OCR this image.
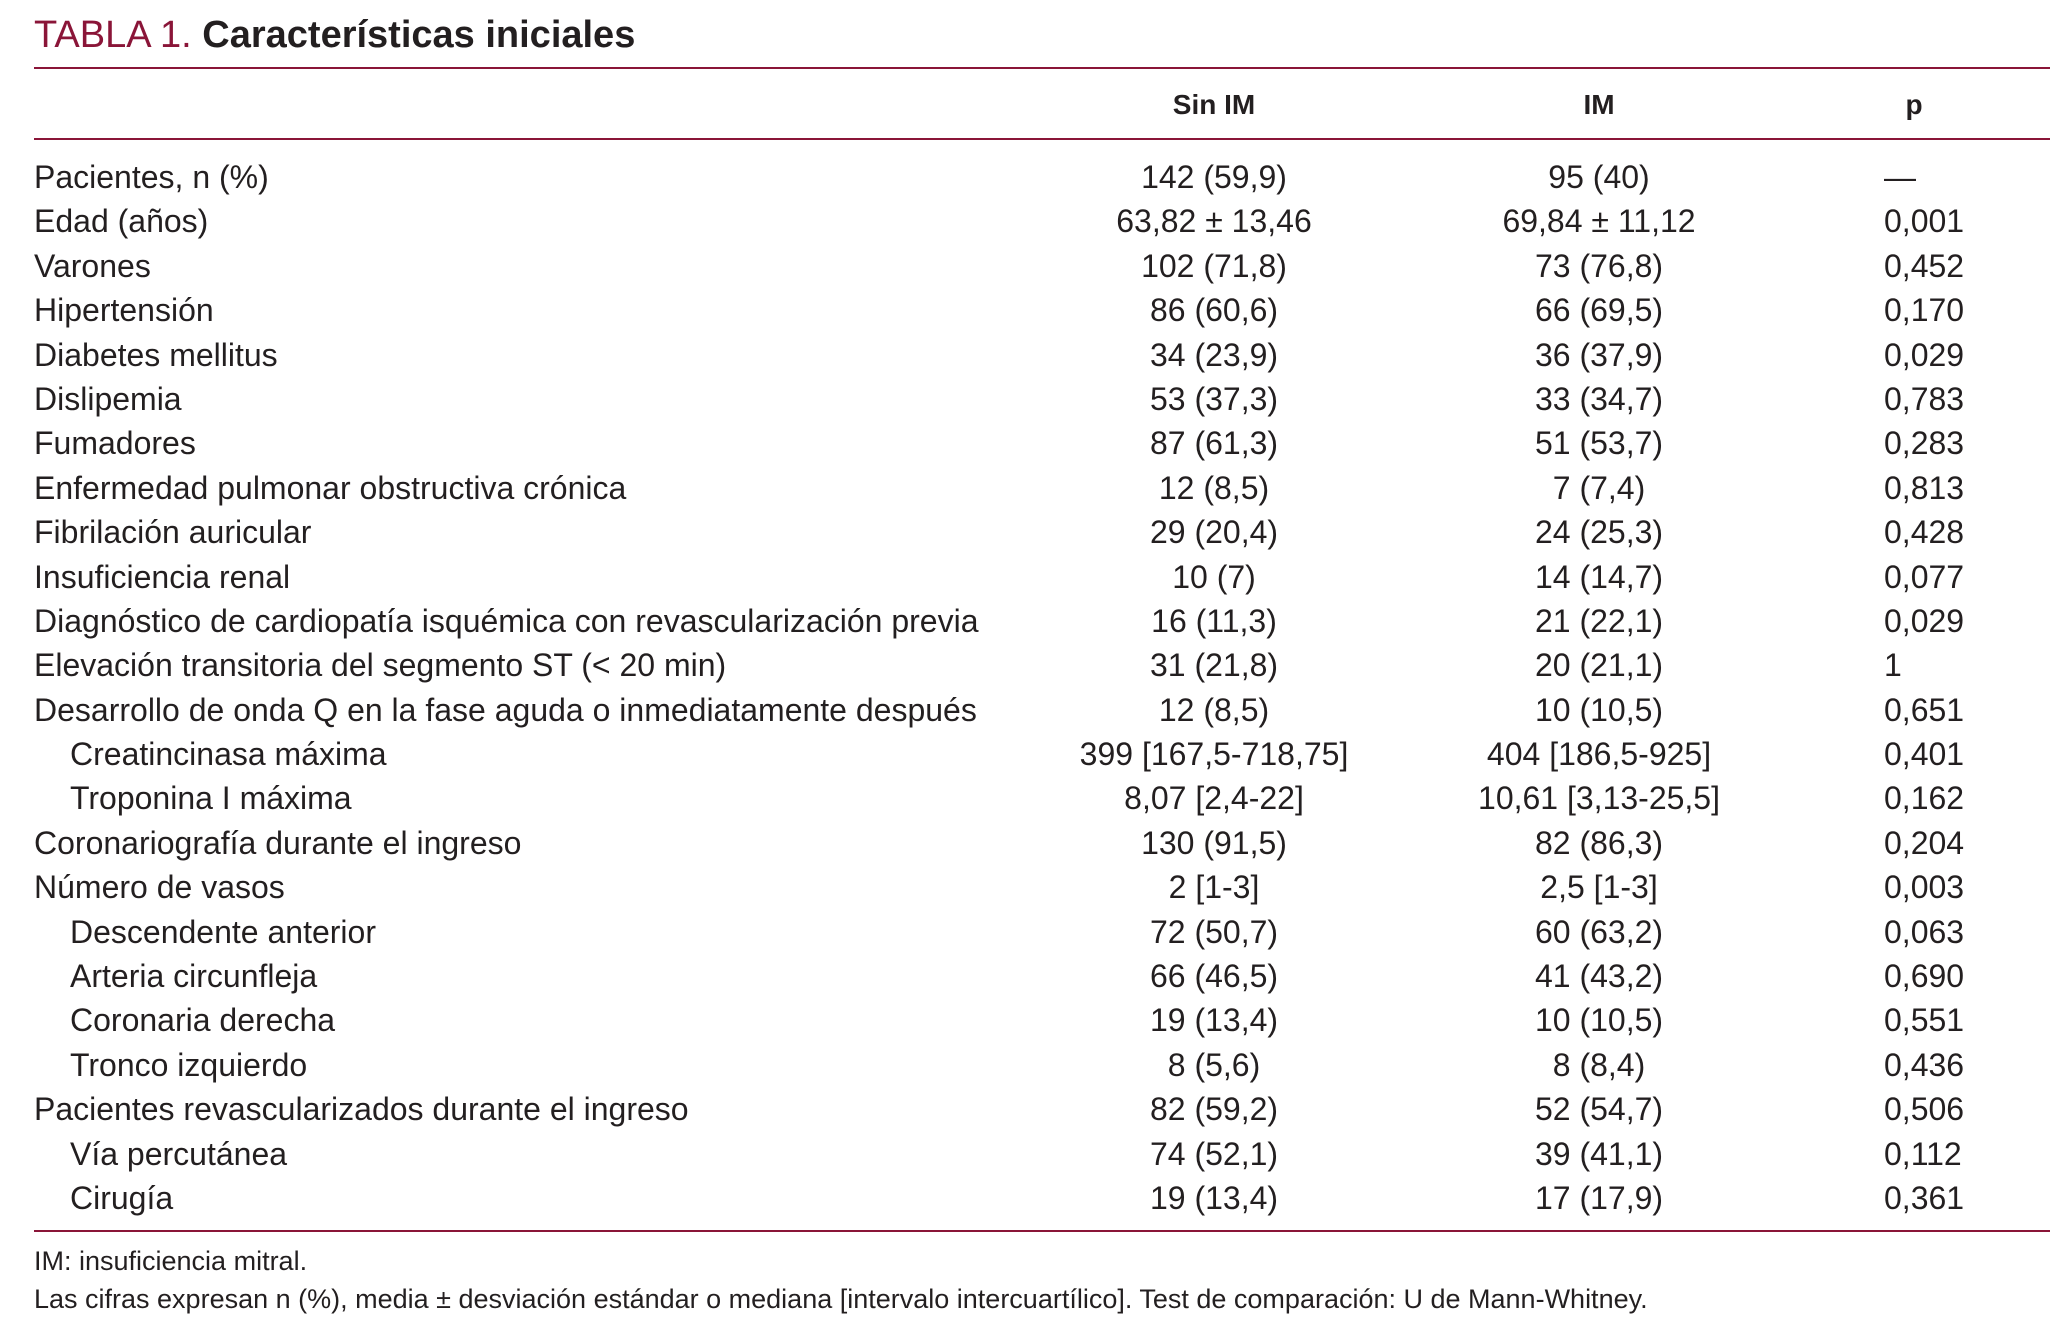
TABLA 1. Características iniciales
Sin IM	IM	p
Pacientes, n (%)	142 (59,9)	95 (40)	—
Edad (años)	63,82 ± 13,46	69,84 ± 11,12	0,001
Varones	102 (71,8)	73 (76,8)	0,452
Hipertensión	86 (60,6)	66 (69,5)	0,170
Diabetes mellitus	34 (23,9)	36 (37,9)	0,029
Dislipemia	53 (37,3)	33 (34,7)	0,783
Fumadores	87 (61,3)	51 (53,7)	0,283
Enfermedad pulmonar obstructiva crónica	12 (8,5)	7 (7,4)	0,813
Fibrilación auricular	29 (20,4)	24 (25,3)	0,428
Insuficiencia renal	10 (7)	14 (14,7)	0,077
Diagnóstico de cardiopatía isquémica con revascularización previa	16 (11,3)	21 (22,1)	0,029
Elevación transitoria del segmento ST (< 20 min)	31 (21,8)	20 (21,1)	1
Desarrollo de onda Q en la fase aguda o inmediatamente después	12 (8,5)	10 (10,5)	0,651
Creatincinasa máxima	399 [167,5-718,75]	404 [186,5-925]	0,401
Troponina I máxima	8,07 [2,4-22]	10,61 [3,13-25,5]	0,162
Coronariografía durante el ingreso	130 (91,5)	82 (86,3)	0,204
Número de vasos	2 [1-3]	2,5 [1-3]	0,003
Descendente anterior	72 (50,7)	60 (63,2)	0,063
Arteria circunfleja	66 (46,5)	41 (43,2)	0,690
Coronaria derecha	19 (13,4)	10 (10,5)	0,551
Tronco izquierdo	8 (5,6)	8 (8,4)	0,436
Pacientes revascularizados durante el ingreso	82 (59,2)	52 (54,7)	0,506
Vía percutánea	74 (52,1)	39 (41,1)	0,112
Cirugía	19 (13,4)	17 (17,9)	0,361
IM: insuficiencia mitral.
Las cifras expresan n (%), media ± desviación estándar o mediana [intervalo intercuartílico]. Test de comparación: U de Mann-Whitney.
